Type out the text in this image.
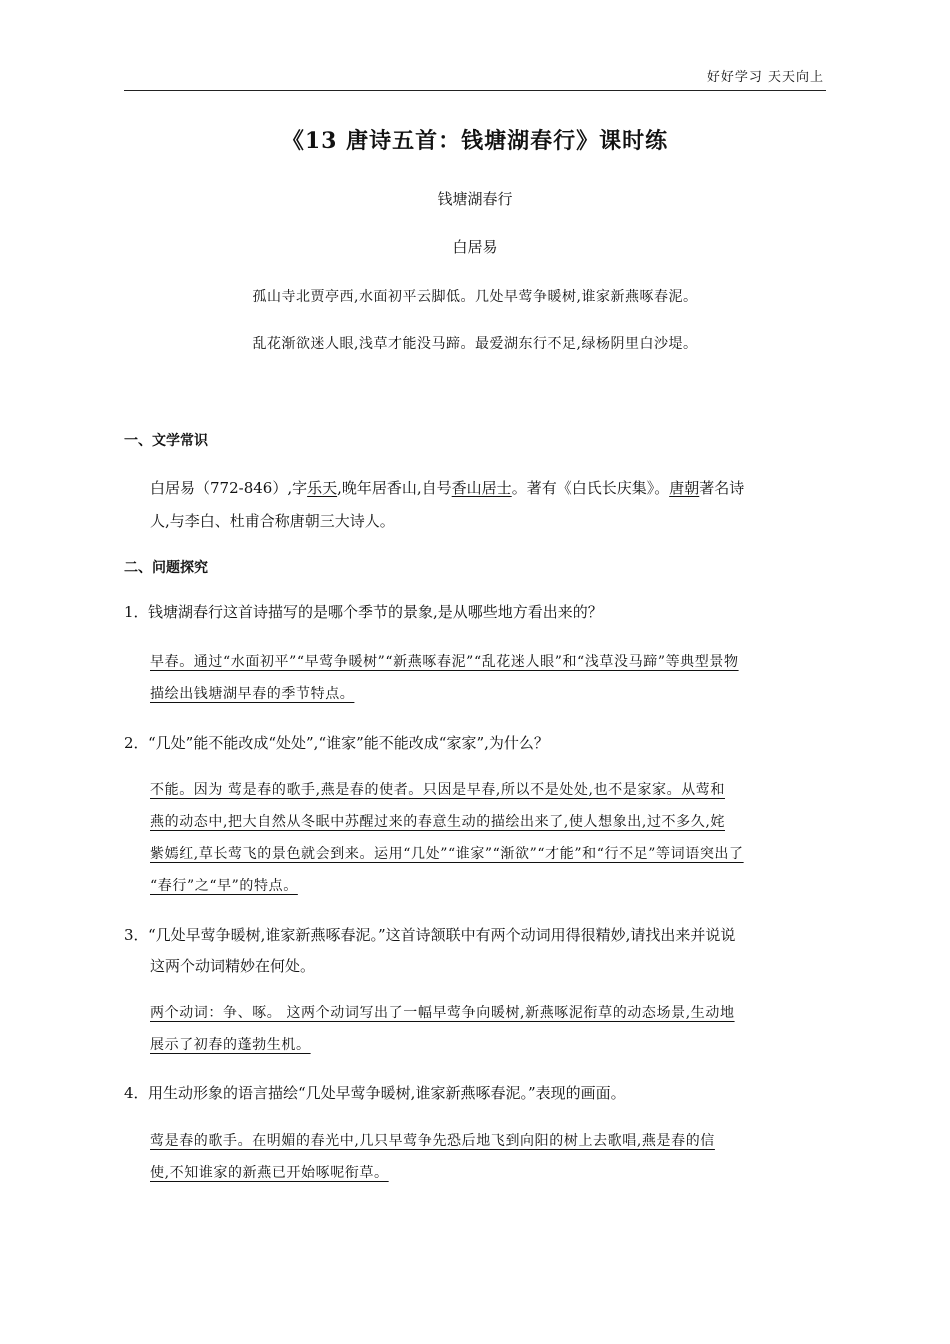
好好学习 天天向上
《13 唐诗五首：钱塘湖春行》课时练
钱塘湖春行
白居易
孤山寺北贾亭西,水面初平云脚低。几处早莺争暖树,谁家新燕啄春泥。
乱花渐欲迷人眼,浅草才能没马蹄。最爱湖东行不足,绿杨阴里白沙堤。
一、文学常识
白居易（772-846）,字乐天,晚年居香山,自号香山居士。著有《白氏长庆集》。唐朝著名诗
人,与李白、杜甫合称唐朝三大诗人。
二、问题探究
1．钱塘湖春行这首诗描写的是哪个季节的景象,是从哪些地方看出来的？
早春。通过“水面初平”“早莺争暖树”“新燕啄春泥”“乱花迷人眼”和“浅草没马蹄”等典型景物
描绘出钱塘湖早春的季节特点。
2．“几处”能不能改成“处处”,“谁家”能不能改成“家家”,为什么？
不能。因为 莺是春的歌手,燕是春的使者。只因是早春,所以不是处处,也不是家家。从莺和
燕的动态中,把大自然从冬眠中苏醒过来的春意生动的描绘出来了,使人想象出,过不多久,姹
紫嫣红,草长莺飞的景色就会到来。运用“几处”“谁家”“渐欲”“才能”和“行不足”等词语突出了
“春行”之“早”的特点。
3．“几处早莺争暖树,谁家新燕啄春泥。”这首诗颔联中有两个动词用得很精妙,请找出来并说说
这两个动词精妙在何处。
两个动词：争、啄。 这两个动词写出了一幅早莺争向暖树,新燕啄泥衔草的动态场景,生动地
展示了初春的蓬勃生机。
4．用生动形象的语言描绘“几处早莺争暖树,谁家新燕啄春泥。”表现的画面。
莺是春的歌手。在明媚的春光中,几只早莺争先恐后地飞到向阳的树上去歌唱,燕是春的信
使,不知谁家的新燕已开始啄呢衔草。
